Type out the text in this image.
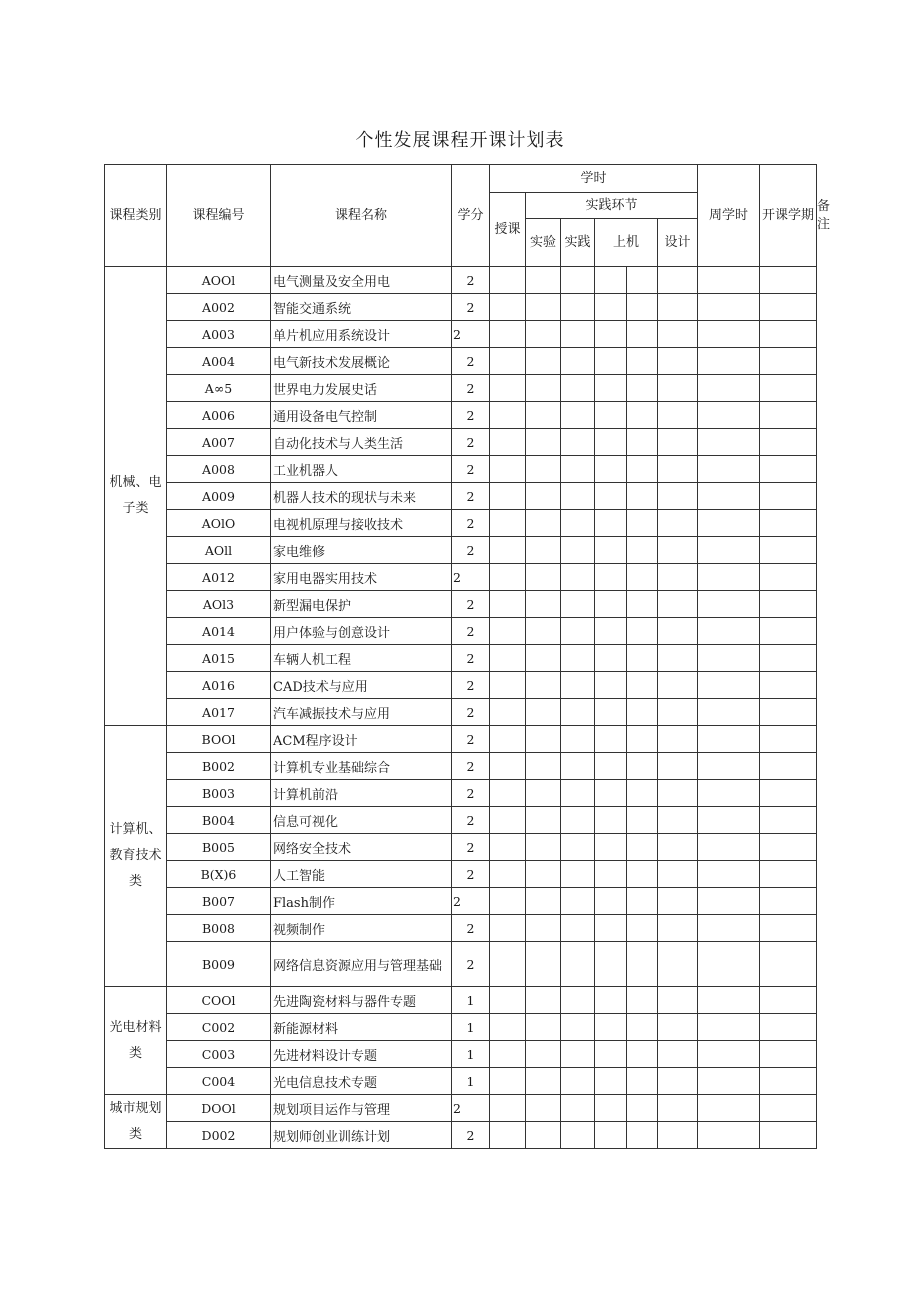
个性发展课程开课计划表
课程类别	课程编号	课程名称	学分	学时						周学时	开课学期	备注
				授课	实践环节							
					实验	实践	上机		设计			
机械、电子类	AOOl	电气测量及安全用电	2									
	A002	智能交通系统	2									
	A003	单片机应用系统设计	2									
	A004	电气新技术发展概论	2									
	A∞5	世界电力发展史话	2									
	A006	通用设备电气控制	2									
	A007	自动化技术与人类生活	2									
	A008	工业机器人	2									
	A009	机器人技术的现状与未来	2									
	AOlO	电视机原理与接收技术	2									
	AOll	家电维修	2									
	A012	家用电器实用技术	2									
	AOl3	新型漏电保护	2									
	A014	用户体验与创意设计	2									
	A015	车辆人机工程	2									
	A016	CAD技术与应用	2									
	A017	汽车减振技术与应用	2									
计算机、教育技术类	BOOl	ACM程序设计	2									
	B002	计算机专业基础综合	2									
	B003	计算机前沿	2									
	B004	信息可视化	2									
	B005	网络安全技术	2									
	B(X)6	人工智能	2									
	B007	Flash制作	2									
	B008	视频制作	2									
	B009	网络信息资源应用与管理基础	2									
光电材料类	COOl	先进陶瓷材料与器件专题	1									
	C002	新能源材料	1									
	C003	先进材料设计专题	1									
	C004	光电信息技术专题	1									
城市规划类	DOOl	规划项目运作与管理	2									
	D002	规划师创业训练计划	2									
